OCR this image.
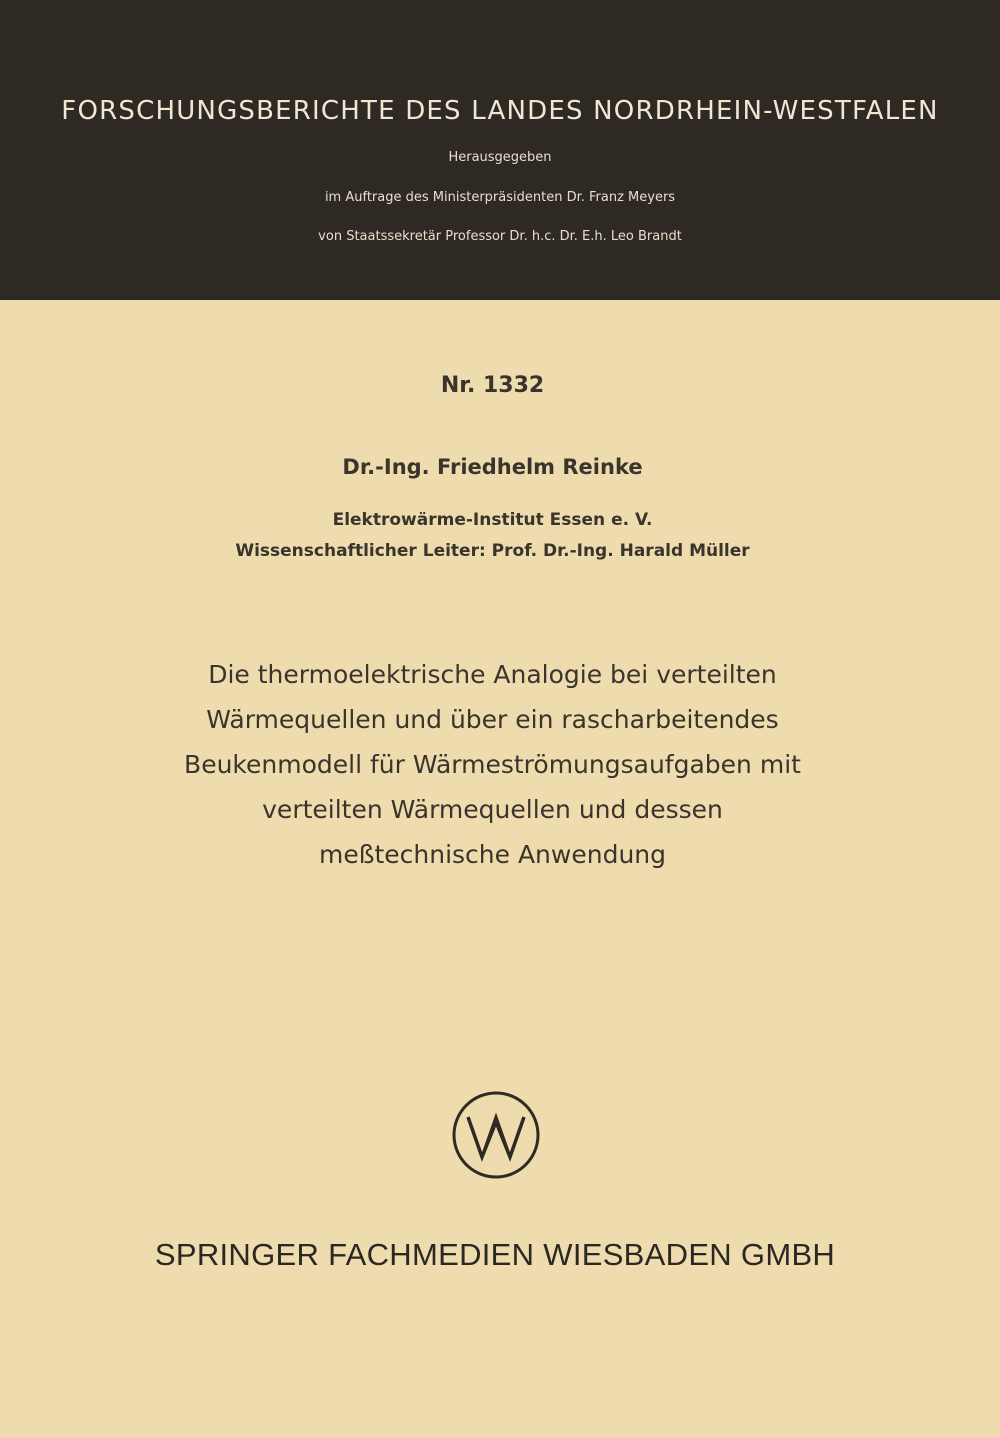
FORSCHUNGSBERICHTE DES LANDES NORDRHEIN-WESTFALEN
Herausgegeben
im Auftrage des Ministerpräsidenten Dr. Franz Meyers
von Staatssekretär Professor Dr. h.c. Dr. E.h. Leo Brandt
Nr. 1332
Dr.-Ing. Friedhelm Reinke
Elektrowärme-Institut Essen e. V.
Wissenschaftlicher Leiter: Prof. Dr.-Ing. Harald Müller
Die thermoelektrische Analogie bei verteilten
Wärmequellen und über ein rascharbeitendes
Beukenmodell für Wärmeströmungsaufgaben mit
verteilten Wärmequellen und dessen
meßtechnische Anwendung
SPRINGER FACHMEDIEN WIESBADEN GMBH
